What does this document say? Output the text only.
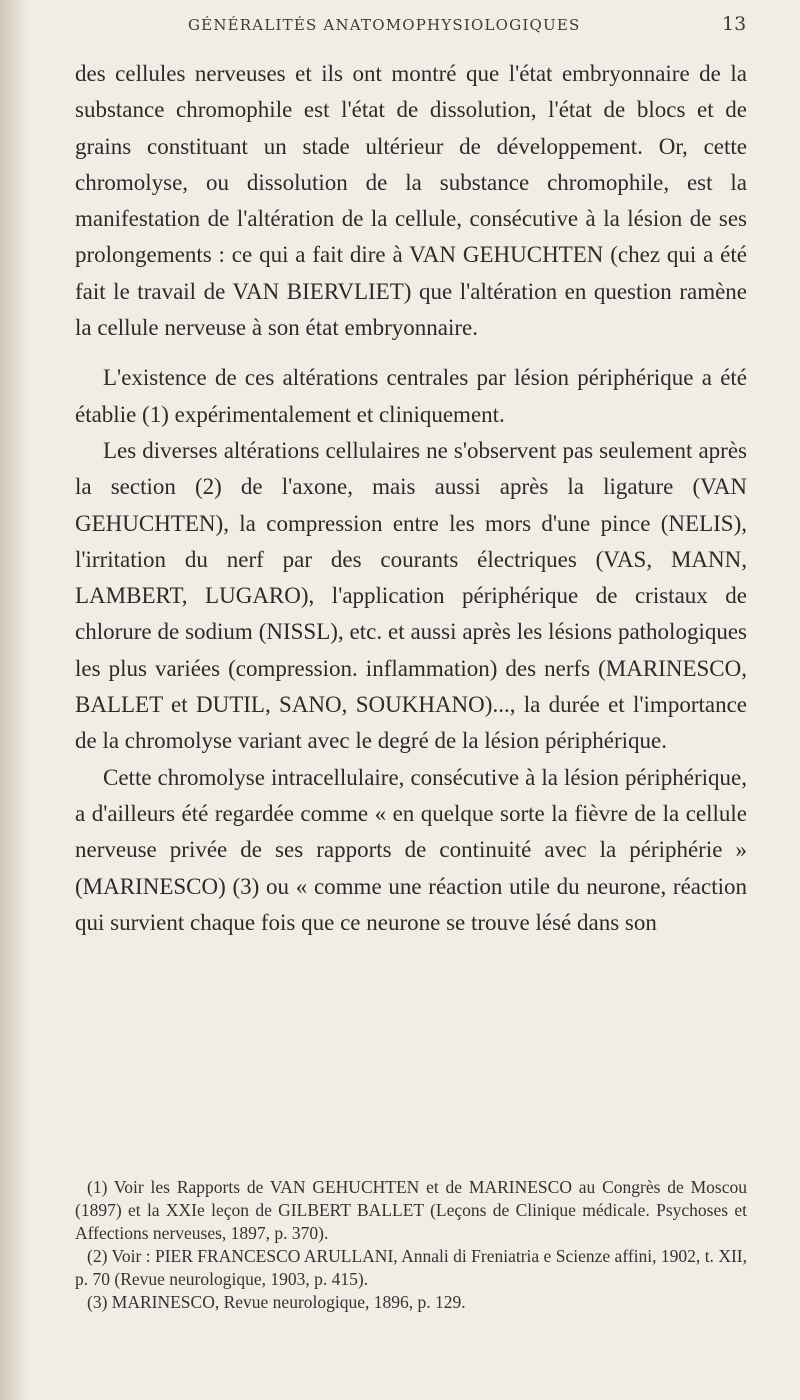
GÉNÉRALITÉS ANATOMOPHYSIOLOGIQUES	13

des cellules nerveuses et ils ont montré que l'état embryonnaire de la substance chromophile est l'état de dissolution, l'état de blocs et de grains constituant un stade ultérieur de développement. Or, cette chromolyse, ou dissolution de la substance chromophile, est la manifestation de l'altération de la cellule, consécutive à la lésion de ses prolongements : ce qui a fait dire à VAN GEHUCHTEN (chez qui a été fait le travail de VAN BIERVLIET) que l'altération en question ramène la cellule nerveuse à son état embryonnaire.

L'existence de ces altérations centrales par lésion périphérique a été établie (1) expérimentalement et cliniquement.

Les diverses altérations cellulaires ne s'observent pas seulement après la section (2) de l'axone, mais aussi après la ligature (VAN GEHUCHTEN), la compression entre les mors d'une pince (NELIS), l'irritation du nerf par des courants électriques (VAS, MANN, LAMBERT, LUGARO), l'application périphérique de cristaux de chlorure de sodium (NISSL), etc. et aussi après les lésions pathologiques les plus variées (compression. inflammation) des nerfs (MARINESCO, BALLET et DUTIL, SANO, SOUKHANO)..., la durée et l'importance de la chromolyse variant avec le degré de la lésion périphérique.

Cette chromolyse intracellulaire, consécutive à la lésion périphérique, a d'ailleurs été regardée comme « en quelque sorte la fièvre de la cellule nerveuse privée de ses rapports de continuité avec la périphérie » (MARINESCO) (3) ou « comme une réaction utile du neurone, réaction qui survient chaque fois que ce neurone se trouve lésé dans son

(1) Voir les Rapports de VAN GEHUCHTEN et de MARINESCO au Congrès de Moscou (1897) et la XXIe leçon de GILBERT BALLET (Leçons de Clinique médicale. Psychoses et Affections nerveuses, 1897, p. 370).

(2) Voir : PIER FRANCESCO ARULLANI, Annali di Freniatria e Scienze affini, 1902, t. XII, p. 70 (Revue neurologique, 1903, p. 415).

(3) MARINESCO, Revue neurologique, 1896, p. 129.
